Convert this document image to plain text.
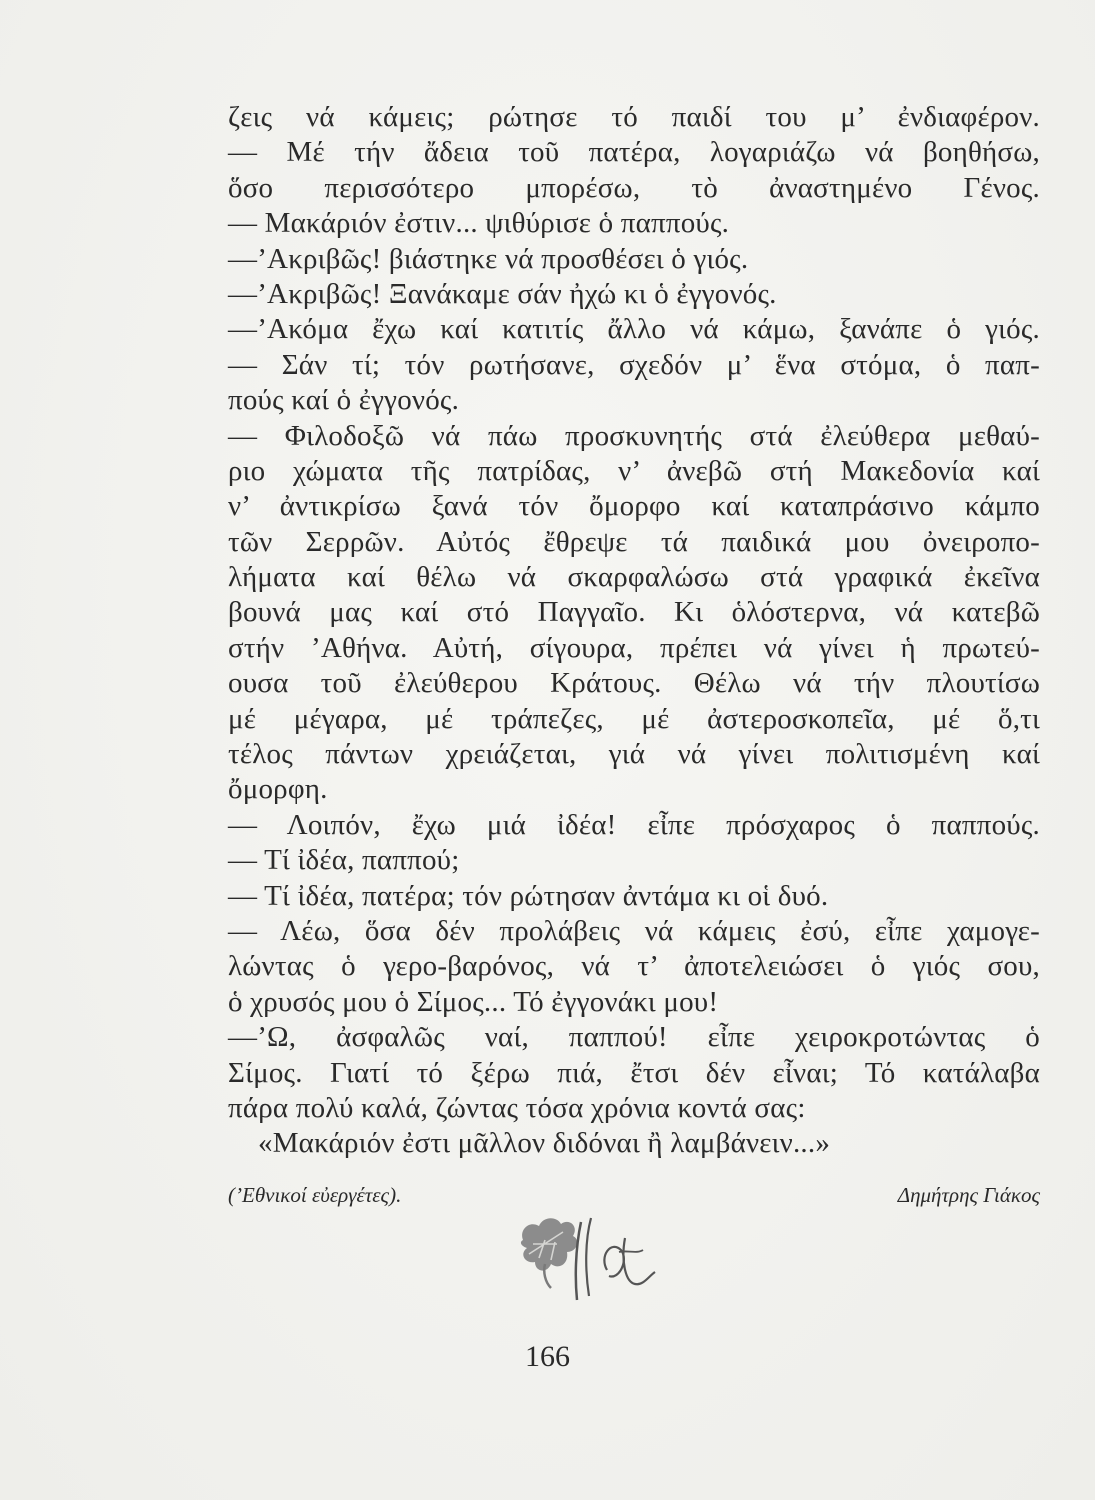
ζεις νά κάμεις; ρώτησε τό παιδί του μ’ ἐνδιαφέρον.
— Μέ τήν ἄδεια τοῦ πατέρα, λογαριάζω νά βοηθήσω,
ὅσο περισσότερο μπορέσω, τὸ ἀναστημένο Γένος.
— Μακάριόν ἐστιν... ψιθύρισε ὁ παππούς.
—’Ακριβῶς! βιάστηκε νά προσθέσει ὁ γιός.
—’Ακριβῶς! Ξανάκαμε σάν ἠχώ κι ὁ ἐγγονός.
—’Ακόμα ἔχω καί κατιτίς ἄλλο νά κάμω, ξανάπε ὁ γιός.
— Σάν τί; τόν ρωτήσανε, σχεδόν μ’ ἕνα στόμα, ὁ παπ-
πούς καί ὁ ἐγγονός.
— Φιλοδοξῶ νά πάω προσκυνητής στά ἐλεύθερα μεθαύ-
ριο χώματα τῆς πατρίδας, ν’ ἀνεβῶ στή Μακεδονία καί
ν’ ἀντικρίσω ξανά τόν ὄμορφο καί καταπράσινο κάμπο
τῶν Σερρῶν. Αὐτός ἔθρεψε τά παιδικά μου ὀνειροπο-
λήματα καί θέλω νά σκαρφαλώσω στά γραφικά ἐκεῖνα
βουνά μας καί στό Παγγαῖο. Κι ὁλόστερνα, νά κατεβῶ
στήν ’Αθήνα. Αὐτή, σίγουρα, πρέπει νά γίνει ἡ πρωτεύ-
ουσα τοῦ ἐλεύθερου Κράτους. Θέλω νά τήν πλουτίσω
μέ μέγαρα, μέ τράπεζες, μέ ἀστεροσκοπεῖα, μέ ὅ,τι
τέλος πάντων χρειάζεται, γιά νά γίνει πολιτισμένη καί
ὄμορφη.
— Λοιπόν, ἔχω μιά ἰδέα! εἶπε πρόσχαρος ὁ παππούς.
— Τί ἰδέα, παππού;
— Τί ἰδέα, πατέρα; τόν ρώτησαν ἀντάμα κι οἱ δυό.
— Λέω, ὅσα δέν προλάβεις νά κάμεις ἐσύ, εἶπε χαμογε-
λώντας ὁ γερο-βαρόνος, νά τ’ ἀποτελειώσει ὁ γιός σου,
ὁ χρυσός μου ὁ Σίμος... Τό ἐγγονάκι μου!
—’Ω, ἀσφαλῶς ναί, παππού! εἶπε χειροκροτώντας ὁ
Σίμος. Γιατί τό ξέρω πιά, ἔτσι δέν εἶναι; Τό κατάλαβα
πάρα πολύ καλά, ζώντας τόσα χρόνια κοντά σας:
«Μακάριόν ἐστι μᾶλλον διδόναι ἢ λαμβάνειν...»
(’Εθνικοί εὐεργέτες).	Δημήτρης Γιάκος
166
